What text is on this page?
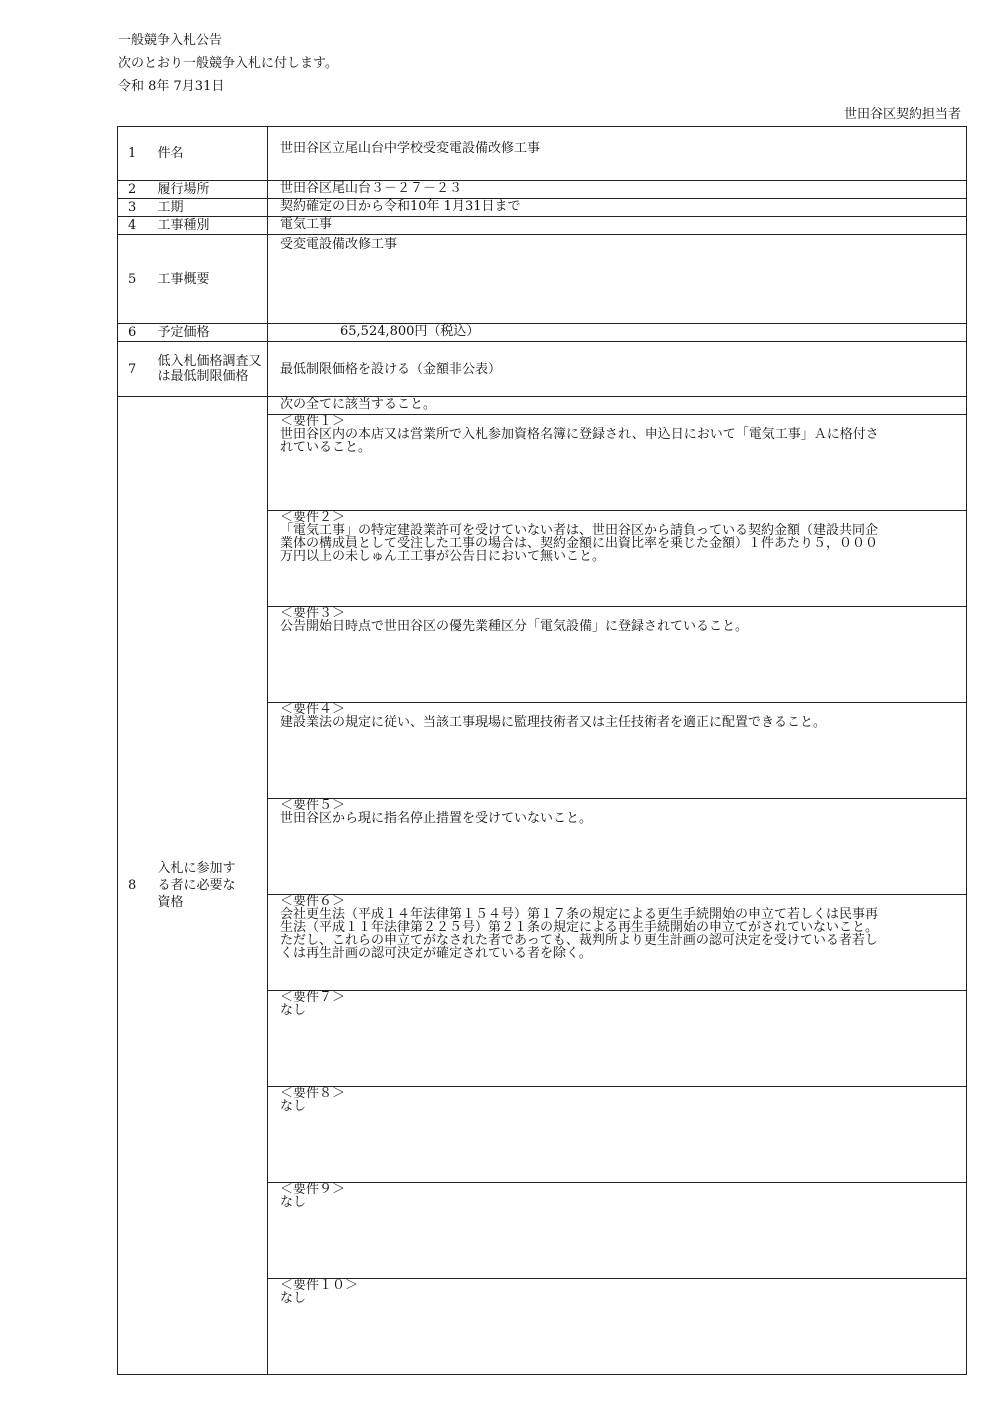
一般競争入札公告
次のとおり一般競争入札に付します。
令和 8年 7月31日
世田谷区契約担当者
1	件名	世田谷区立尾山台中学校受変電設備改修工事
2	履行場所	世田谷区尾山台３－２７－２３
3	工期	契約確定の日から令和10年 1月31日まで
4	工事種別	電気工事
5	工事概要	受変電設備改修工事
6	予定価格	65,524,800円（税込）
7	低入札価格調査又は最低制限価格	最低制限価格を設ける（金額非公表）
8	入札に参加する者に必要な資格	次の全てに該当すること。

		＜要件１＞
世田谷区内の本店又は営業所で入札参加資格名簿に登録され、申込日において「電気工事」Ａに格付されていること。

		＜要件２＞
「電気工事」の特定建設業許可を受けていない者は、世田谷区から請負っている契約金額（建設共同企業体の構成員として受注した工事の場合は、契約金額に出資比率を乗じた金額）１件あたり５，０００万円以上の未しゅん工工事が公告日において無いこと。

		＜要件３＞
公告開始日時点で世田谷区の優先業種区分「電気設備」に登録されていること。

		＜要件４＞
建設業法の規定に従い、当該工事現場に監理技術者又は主任技術者を適正に配置できること。

		＜要件５＞
世田谷区から現に指名停止措置を受けていないこと。

		＜要件６＞
会社更生法（平成１４年法律第１５４号）第１７条の規定による更生手続開始の申立て若しくは民事再生法（平成１１年法律第２２５号）第２１条の規定による再生手続開始の申立てがされていないこと。ただし、これらの申立てがなされた者であっても、裁判所より更生計画の認可決定を受けている者若しくは再生計画の認可決定が確定されている者を除く。

		＜要件７＞
なし

		＜要件８＞
なし

		＜要件９＞
なし

		＜要件１０＞
なし
